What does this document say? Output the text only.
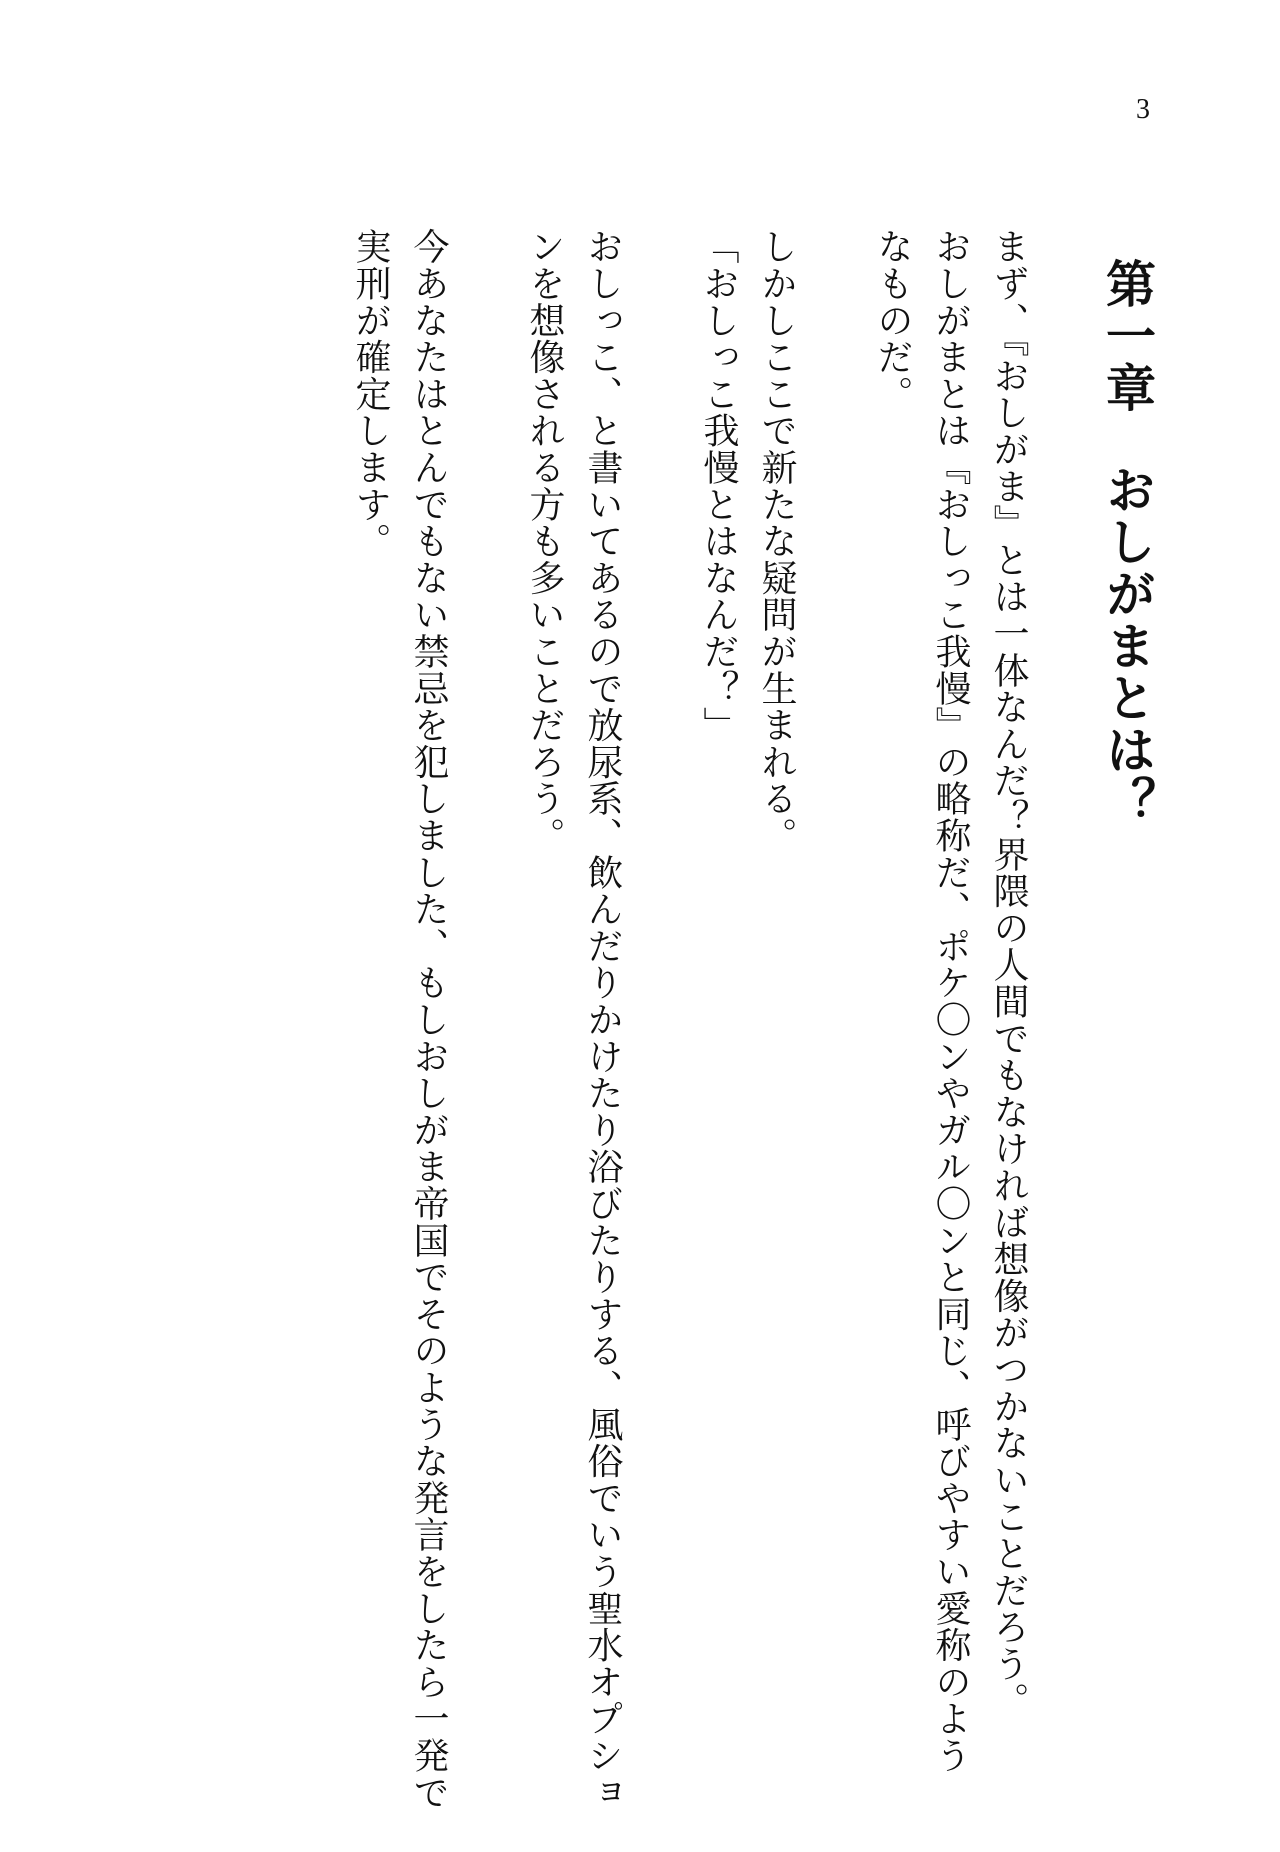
3
第一章おしがまとは？
まず、『おしがま』とは一体なんだ？界隈の人間でもなければ想像がつかないことだろう。
おしがまとは『おしっこ我慢』の略称だ、ポケ〇ンやガル〇ンと同じ、呼びやすい愛称のよう
なものだ。
しかしここで新たな疑問が生まれる。
「おしっこ我慢とはなんだ？」
おしっこ、と書いてあるので放尿系、飲んだりかけたり浴びたりする、風俗でいう聖水オプショ
ンを想像される方も多いことだろう。
今あなたはとんでもない禁忌を犯しました、もしおしがま帝国でそのような発言をしたら一発で
実刑が確定します。
